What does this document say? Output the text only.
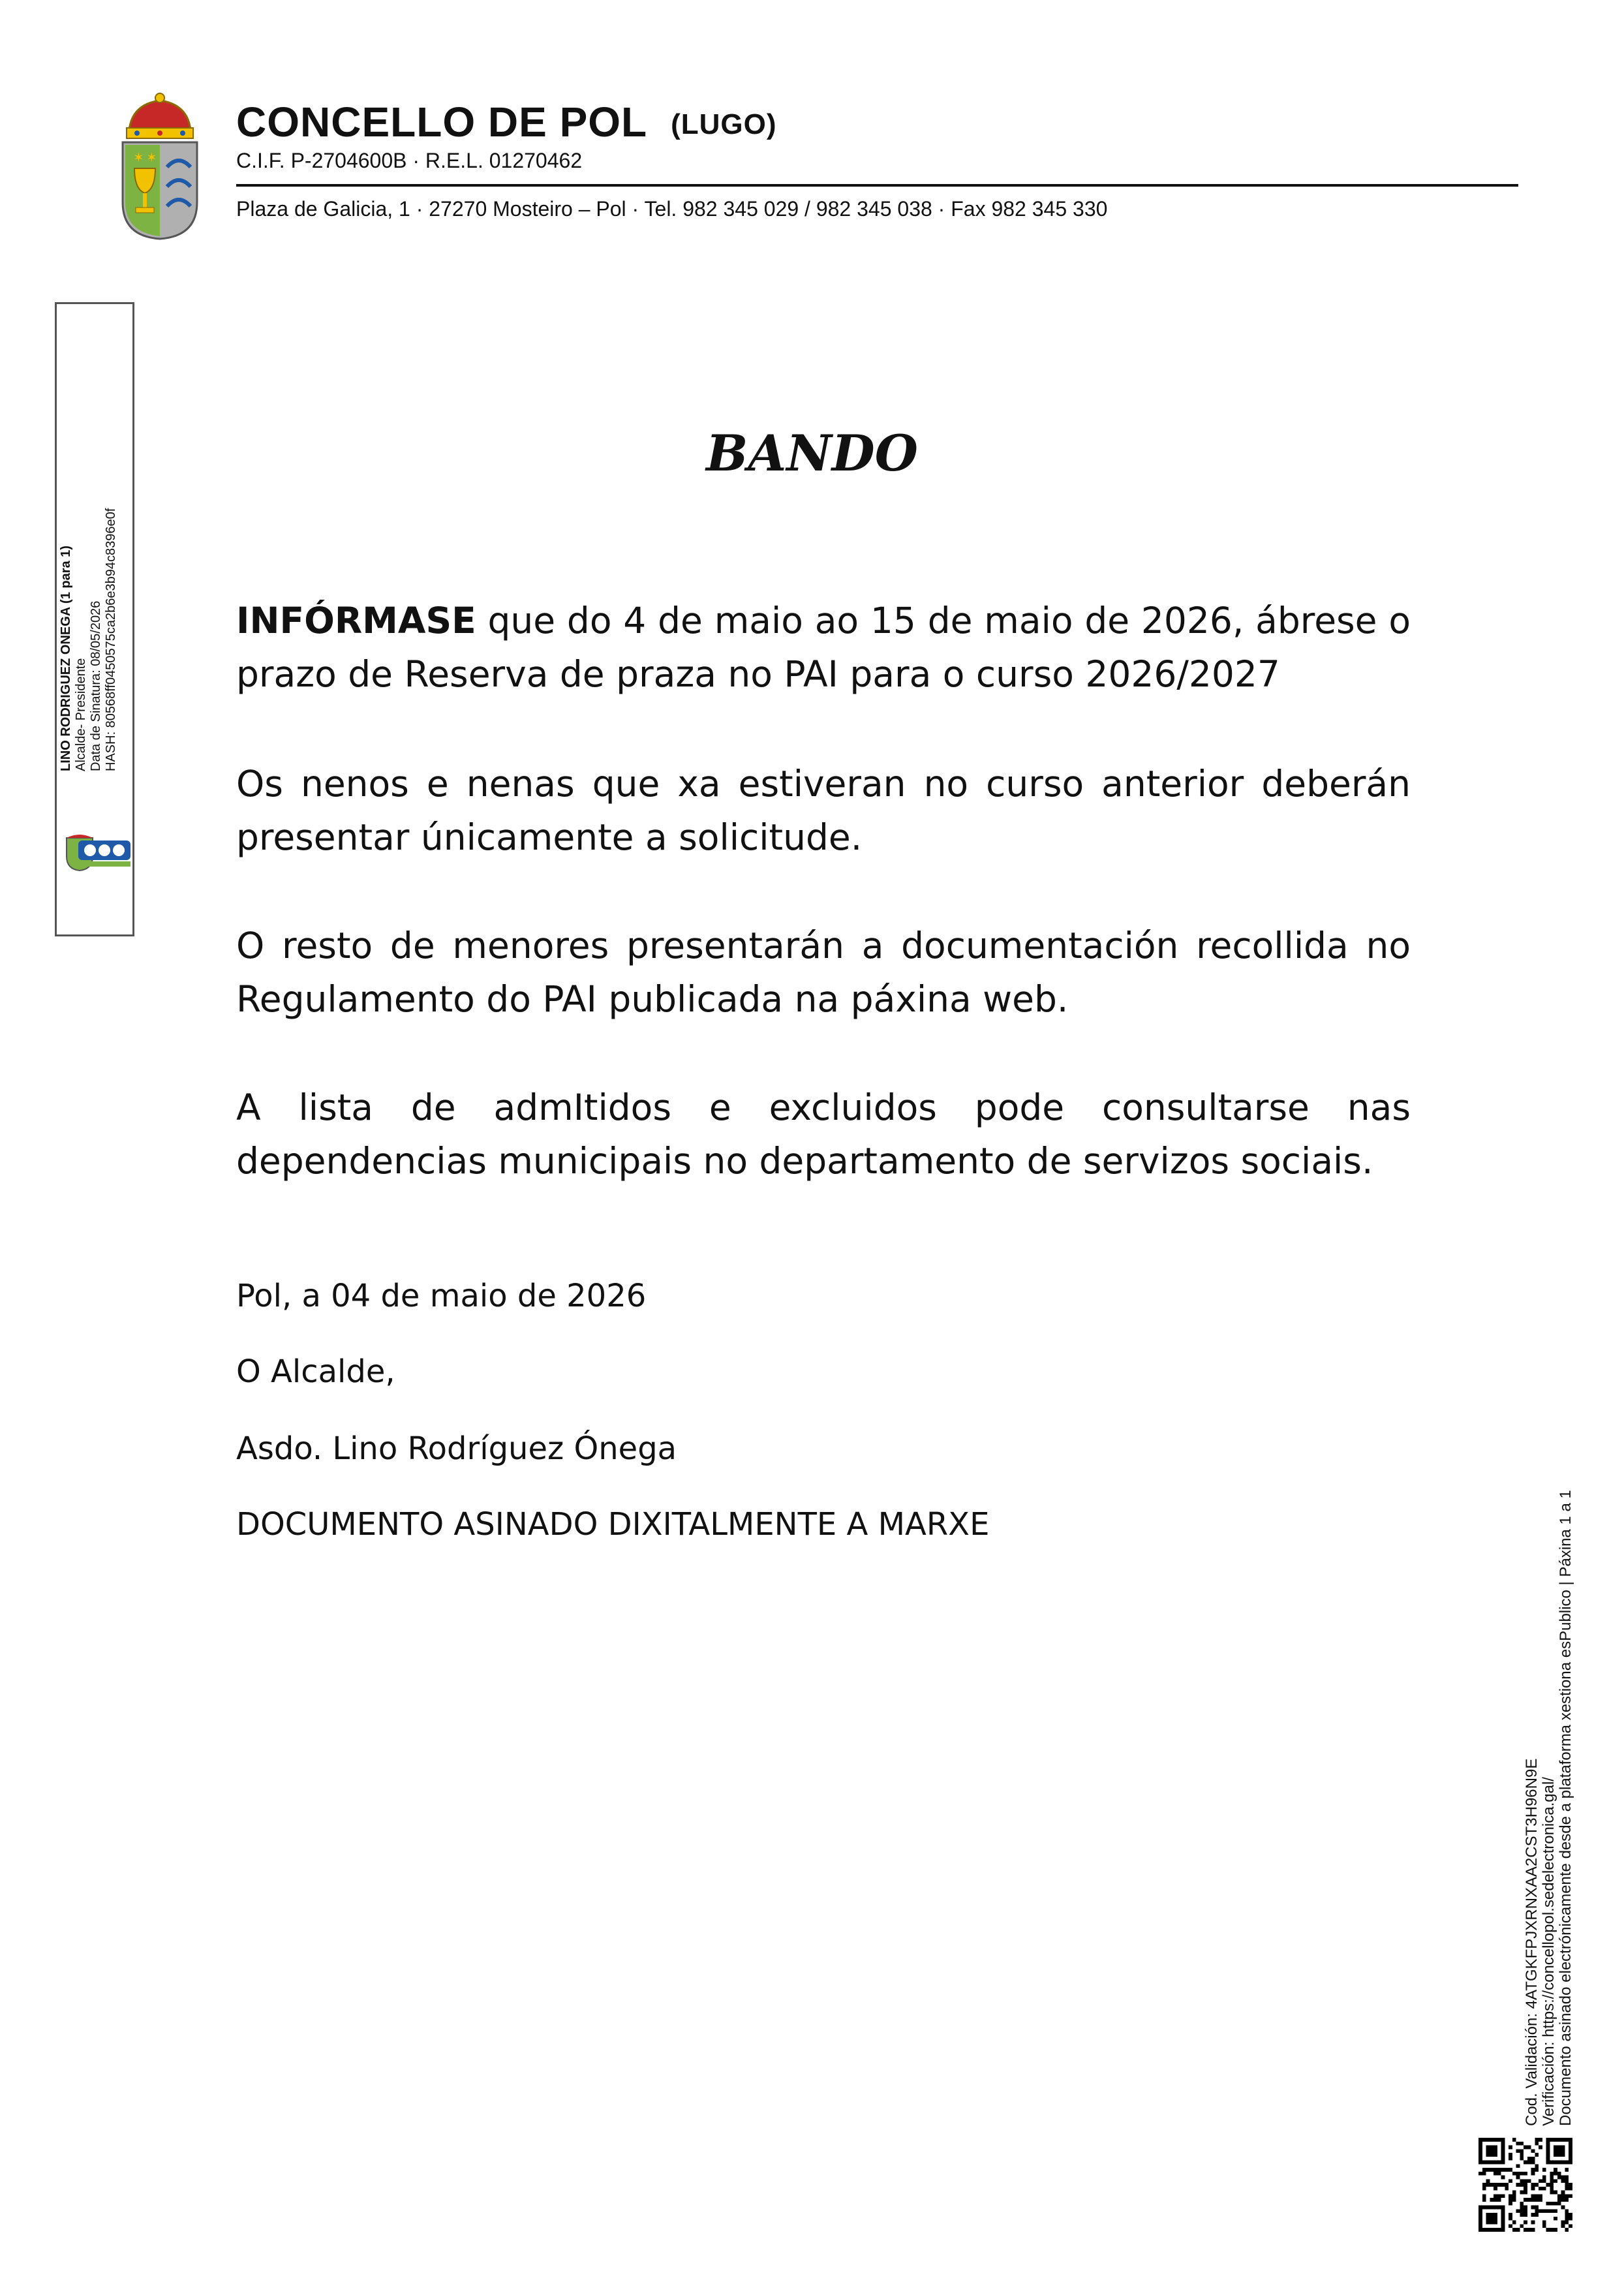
✶ ✶
CONCELLO DE POL (LUGO)
C.I.F. P-2704600B · R.E.L. 01270462
Plaza de Galicia, 1 · 27270 Mosteiro – Pol · Tel. 982 345 029 / 982 345 038 · Fax 982 345 330
LINO RODRIGUEZ ONEGA (1 para 1) Alcalde- Presidente Data de Sinatura: 08/05/2026 HASH: 80568ff0450575ca2b6e3b94c8396e0f
BANDO
INFÓRMASE que do 4 de maio ao 15 de maio de 2026, ábrese o prazo de Reserva de praza no PAI para o curso 2026/2027
Os nenos e nenas que xa estiveran no curso anterior deberán presentar únicamente a solicitude.
O resto de menores presentarán a documentación recollida no Regulamento do PAI publicada na páxina web.
A lista de admItidos e excluidos pode consultarse nas dependencias municipais no departamento de servizos sociais.
Pol, a 04 de maio de 2026
O Alcalde,
Asdo. Lino Rodríguez Ónega
DOCUMENTO ASINADO DIXITALMENTE A MARXE
Cod. Validación: 4ATGKFPJXRNXAA2CST3H96N9E Verificación: https://concellopol.sedelectronica.gal/ Documento asinado electrónicamente desde a plataforma xestiona esPublico | Páxina 1 a 1
